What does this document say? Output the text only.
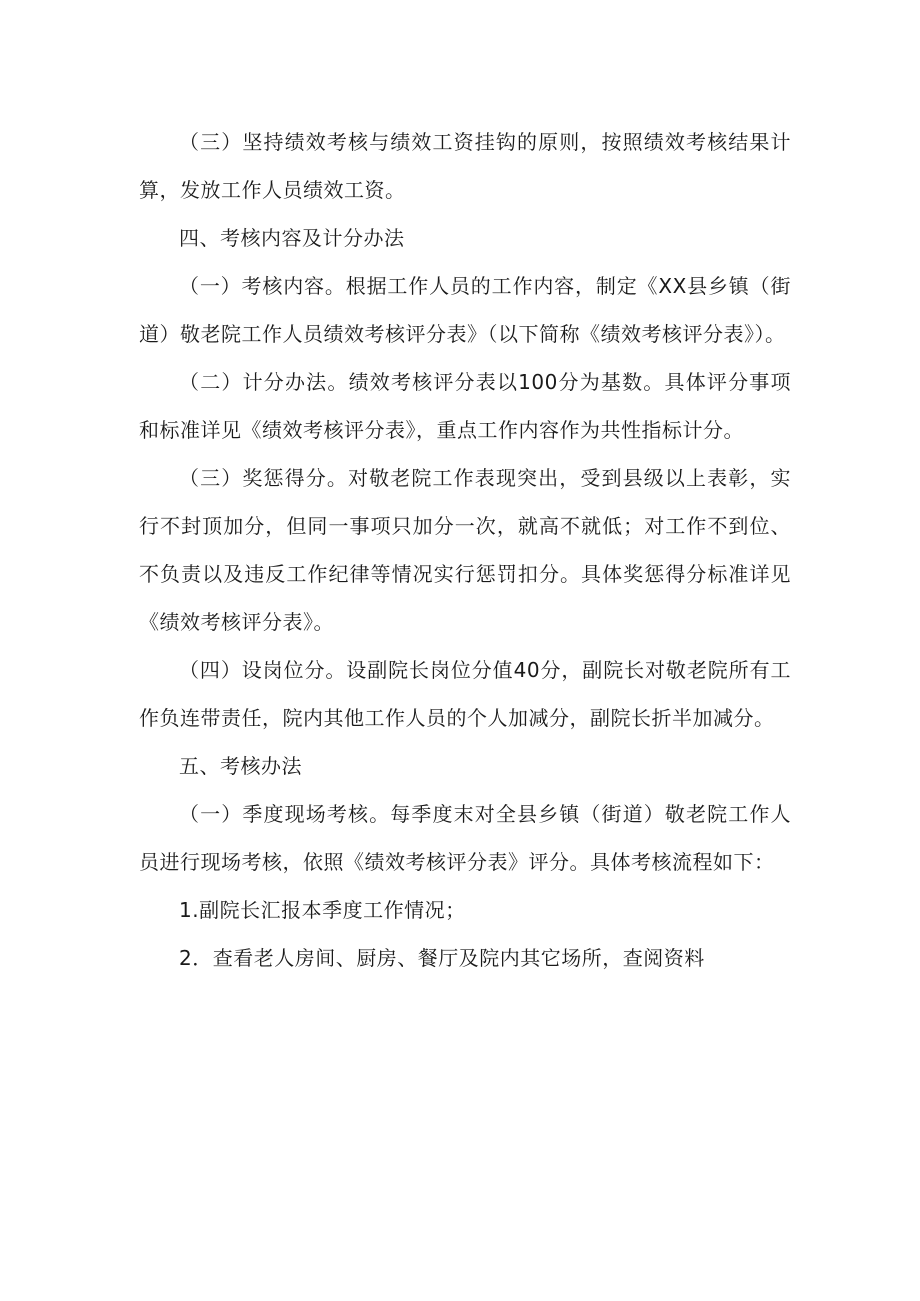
（三）坚持绩效考核与绩效工资挂钩的原则，按照绩效考核结果计算，发放工作人员绩效工资。

四、考核内容及计分办法

（一）考核内容。根据工作人员的工作内容，制定《XX县乡镇（街道）敬老院工作人员绩效考核评分表》（以下简称《绩效考核评分表》）。

（二）计分办法。绩效考核评分表以100分为基数。具体评分事项和标准详见《绩效考核评分表》，重点工作内容作为共性指标计分。

（三）奖惩得分。对敬老院工作表现突出，受到县级以上表彰，实行不封顶加分，但同一事项只加分一次，就高不就低；对工作不到位、不负责以及违反工作纪律等情况实行惩罚扣分。具体奖惩得分标准详见《绩效考核评分表》。

（四）设岗位分。设副院长岗位分值40分，副院长对敬老院所有工作负连带责任，院内其他工作人员的个人加减分，副院长折半加减分。

五、考核办法

（一）季度现场考核。每季度末对全县乡镇（街道）敬老院工作人员进行现场考核，依照《绩效考核评分表》评分。具体考核流程如下：

1.副院长汇报本季度工作情况；

2．查看老人房间、厨房、餐厅及院内其它场所，查阅资料
